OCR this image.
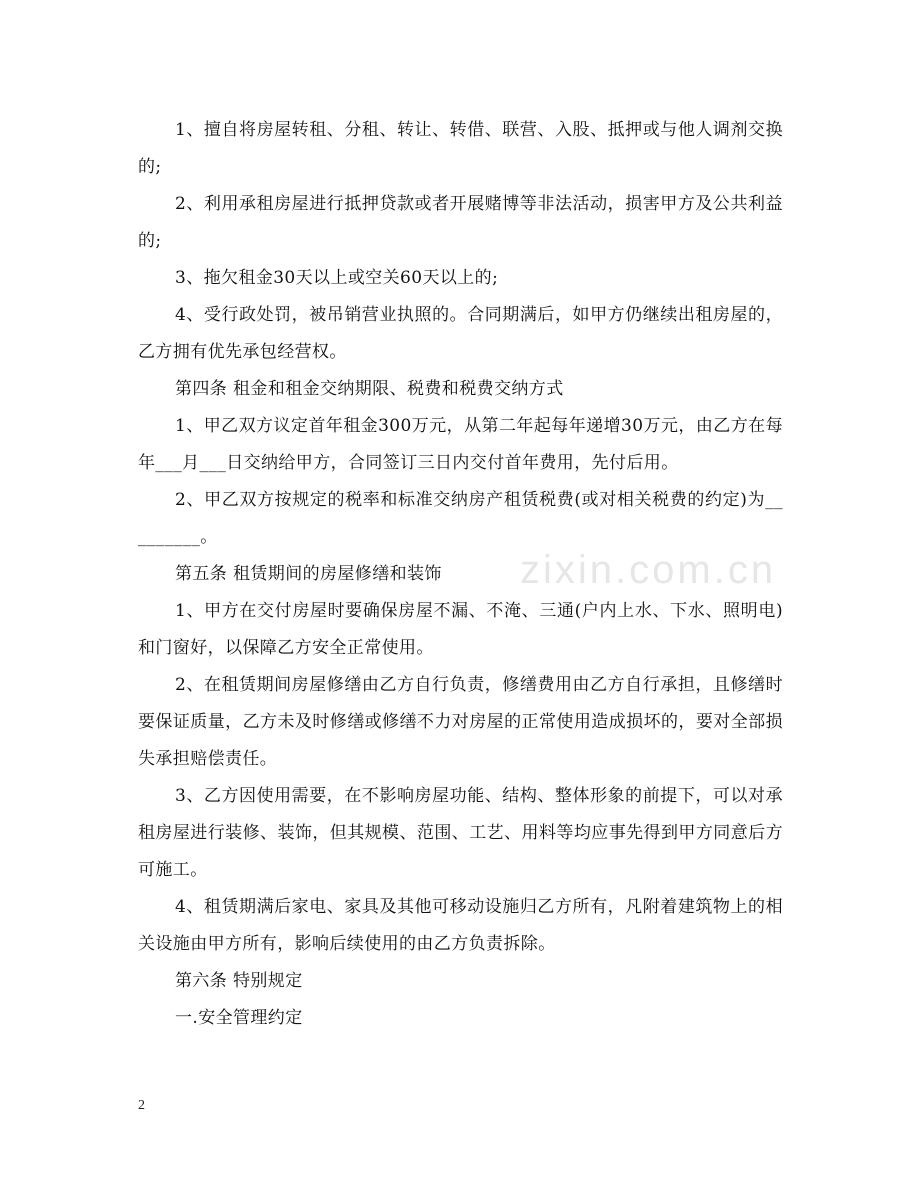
zixin.com.cn

1、擅自将房屋转租、分租、转让、转借、联营、入股、抵押或与他人调剂交换的;

2、利用承租房屋进行抵押贷款或者开展赌博等非法活动，损害甲方及公共利益的;

3、拖欠租金30天以上或空关60天以上的;

4、受行政处罚，被吊销营业执照的。合同期满后，如甲方仍继续出租房屋的，乙方拥有优先承包经营权。

第四条 租金和租金交纳期限、税费和税费交纳方式

1、甲乙双方议定首年租金300万元，从第二年起每年递增30万元，由乙方在每年___月___日交纳给甲方，合同签订三日内交付首年费用，先付后用。

2、甲乙双方按规定的税率和标准交纳房产租赁税费(或对相关税费的约定)为_________。

第五条 租赁期间的房屋修缮和装饰

1、甲方在交付房屋时要确保房屋不漏、不淹、三通(户内上水、下水、照明电)和门窗好，以保障乙方安全正常使用。

2、在租赁期间房屋修缮由乙方自行负责，修缮费用由乙方自行承担，且修缮时要保证质量，乙方未及时修缮或修缮不力对房屋的正常使用造成损坏的，要对全部损失承担赔偿责任。

3、乙方因使用需要，在不影响房屋功能、结构、整体形象的前提下，可以对承租房屋进行装修、装饰，但其规模、范围、工艺、用料等均应事先得到甲方同意后方可施工。

4、租赁期满后家电、家具及其他可移动设施归乙方所有，凡附着建筑物上的相关设施由甲方所有，影响后续使用的由乙方负责拆除。

第六条 特别规定

一.安全管理约定

2
